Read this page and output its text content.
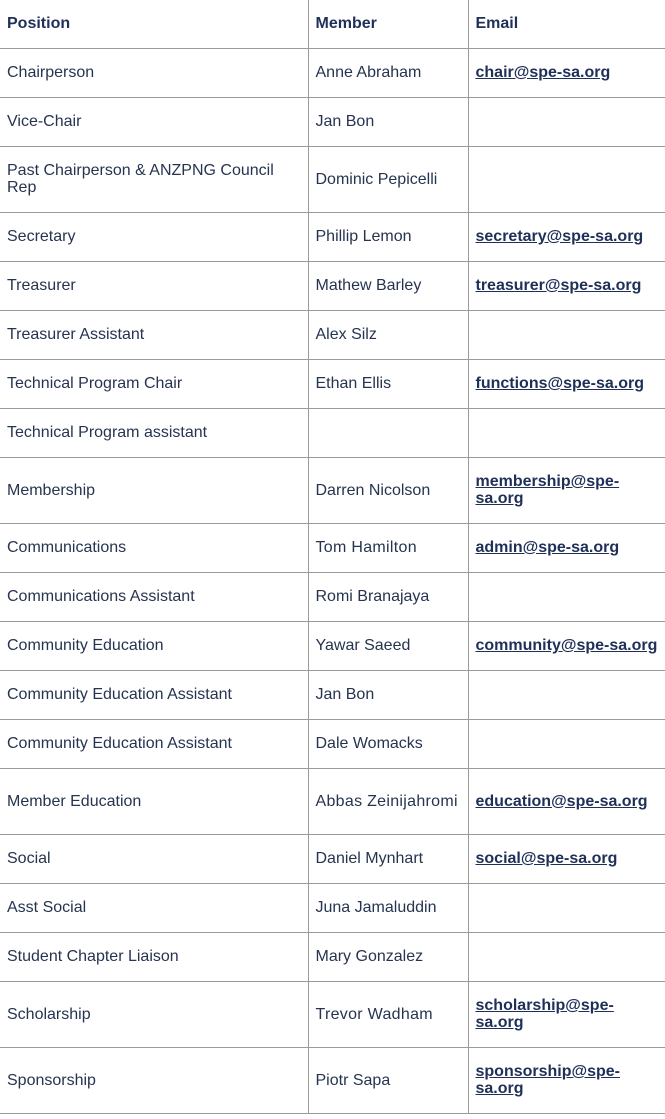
Position	Member	Email
Chairperson	Anne Abraham	chair@spe-sa.org
Vice-Chair	Jan Bon	
Past Chairperson & ANZPNG Council Rep	Dominic Pepicelli	
Secretary	Phillip Lemon	secretary@spe-sa.org
Treasurer	Mathew Barley	treasurer@spe-sa.org
Treasurer Assistant	Alex Silz	
Technical Program Chair	Ethan Ellis	functions@spe-sa.org
Technical Program assistant		
Membership	Darren Nicolson	membership@spe-sa.org
Communications	Tom Hamilton	admin@spe-sa.org
Communications Assistant	Romi Branajaya	
Community Education	Yawar Saeed	community@spe-sa.org
Community Education Assistant	Jan Bon	
Community Education Assistant	Dale Womacks	
Member Education	Abbas Zeinijahromi	education@spe-sa.org
Social	Daniel Mynhart	social@spe-sa.org
Asst Social	Juna Jamaluddin	
Student Chapter Liaison	Mary Gonzalez	
Scholarship	Trevor Wadham	scholarship@spe-sa.org
Sponsorship	Piotr Sapa	sponsorship@spe-sa.org
